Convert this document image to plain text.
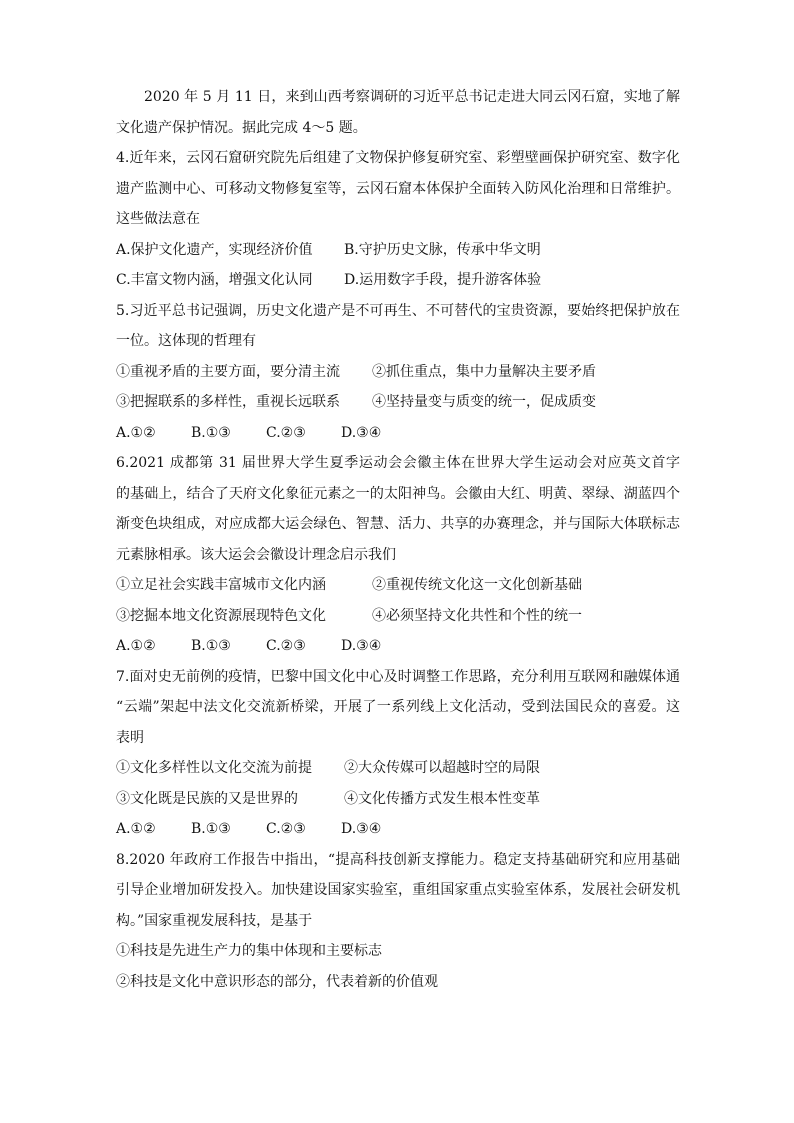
2020 年 5 月 11 日，来到山西考察调研的习近平总书记走进大同云冈石窟，实地了解
文化遗产保护情况。据此完成 4～5 题。
4.近年来，云冈石窟研究院先后组建了文物保护修复研究室、彩塑壁画保护研究室、数字化
遗产监测中心、可移动文物修复室等，云冈石窟本体保护全面转入防风化治理和日常维护。
这些做法意在
A.保护文化遗产，实现经济价值	B.守护历史文脉，传承中华文明
C.丰富文物内涵，增强文化认同	D.运用数字手段，提升游客体验
5.习近平总书记强调，历史文化遗产是不可再生、不可替代的宝贵资源，要始终把保护放在
一位。这体现的哲理有
①重视矛盾的主要方面，要分清主流	②抓住重点，集中力量解决主要矛盾
③把握联系的多样性，重视长远联系	④坚持量变与质变的统一，促成质变
A.①②	B.①③	C.②③	D.③④
6.2021 成都第 31 届世界大学生夏季运动会会徽主体在世界大学生运动会对应英文首字
的基础上，结合了天府文化象征元素之一的太阳神鸟。会徽由大红、明黄、翠绿、湖蓝四个
渐变色块组成，对应成都大运会绿色、智慧、活力、共享的办赛理念，并与国际大体联标志
元素脉相承。该大运会会徽设计理念启示我们
①立足社会实践丰富城市文化内涵	②重视传统文化这一文化创新基础
③挖掘本地文化资源展现特色文化	④必须坚持文化共性和个性的统一
A.①②	B.①③	C.②③	D.③④
7.面对史无前例的疫情，巴黎中国文化中心及时调整工作思路，充分利用互联网和融媒体通
“云端”架起中法文化交流新桥梁，开展了一系列线上文化活动，受到法国民众的喜爱。这
表明
①文化多样性以文化交流为前提	②大众传媒可以超越时空的局限
③文化既是民族的又是世界的	④文化传播方式发生根本性变革
A.①②	B.①③	C.②③	D.③④
8.2020 年政府工作报告中指出，“提高科技创新支撑能力。稳定支持基础研究和应用基础
引导企业增加研发投入。加快建设国家实验室，重组国家重点实验室体系，发展社会研发机
构。”国家重视发展科技，是基于
①科技是先进生产力的集中体现和主要标志
②科技是文化中意识形态的部分，代表着新的价值观
